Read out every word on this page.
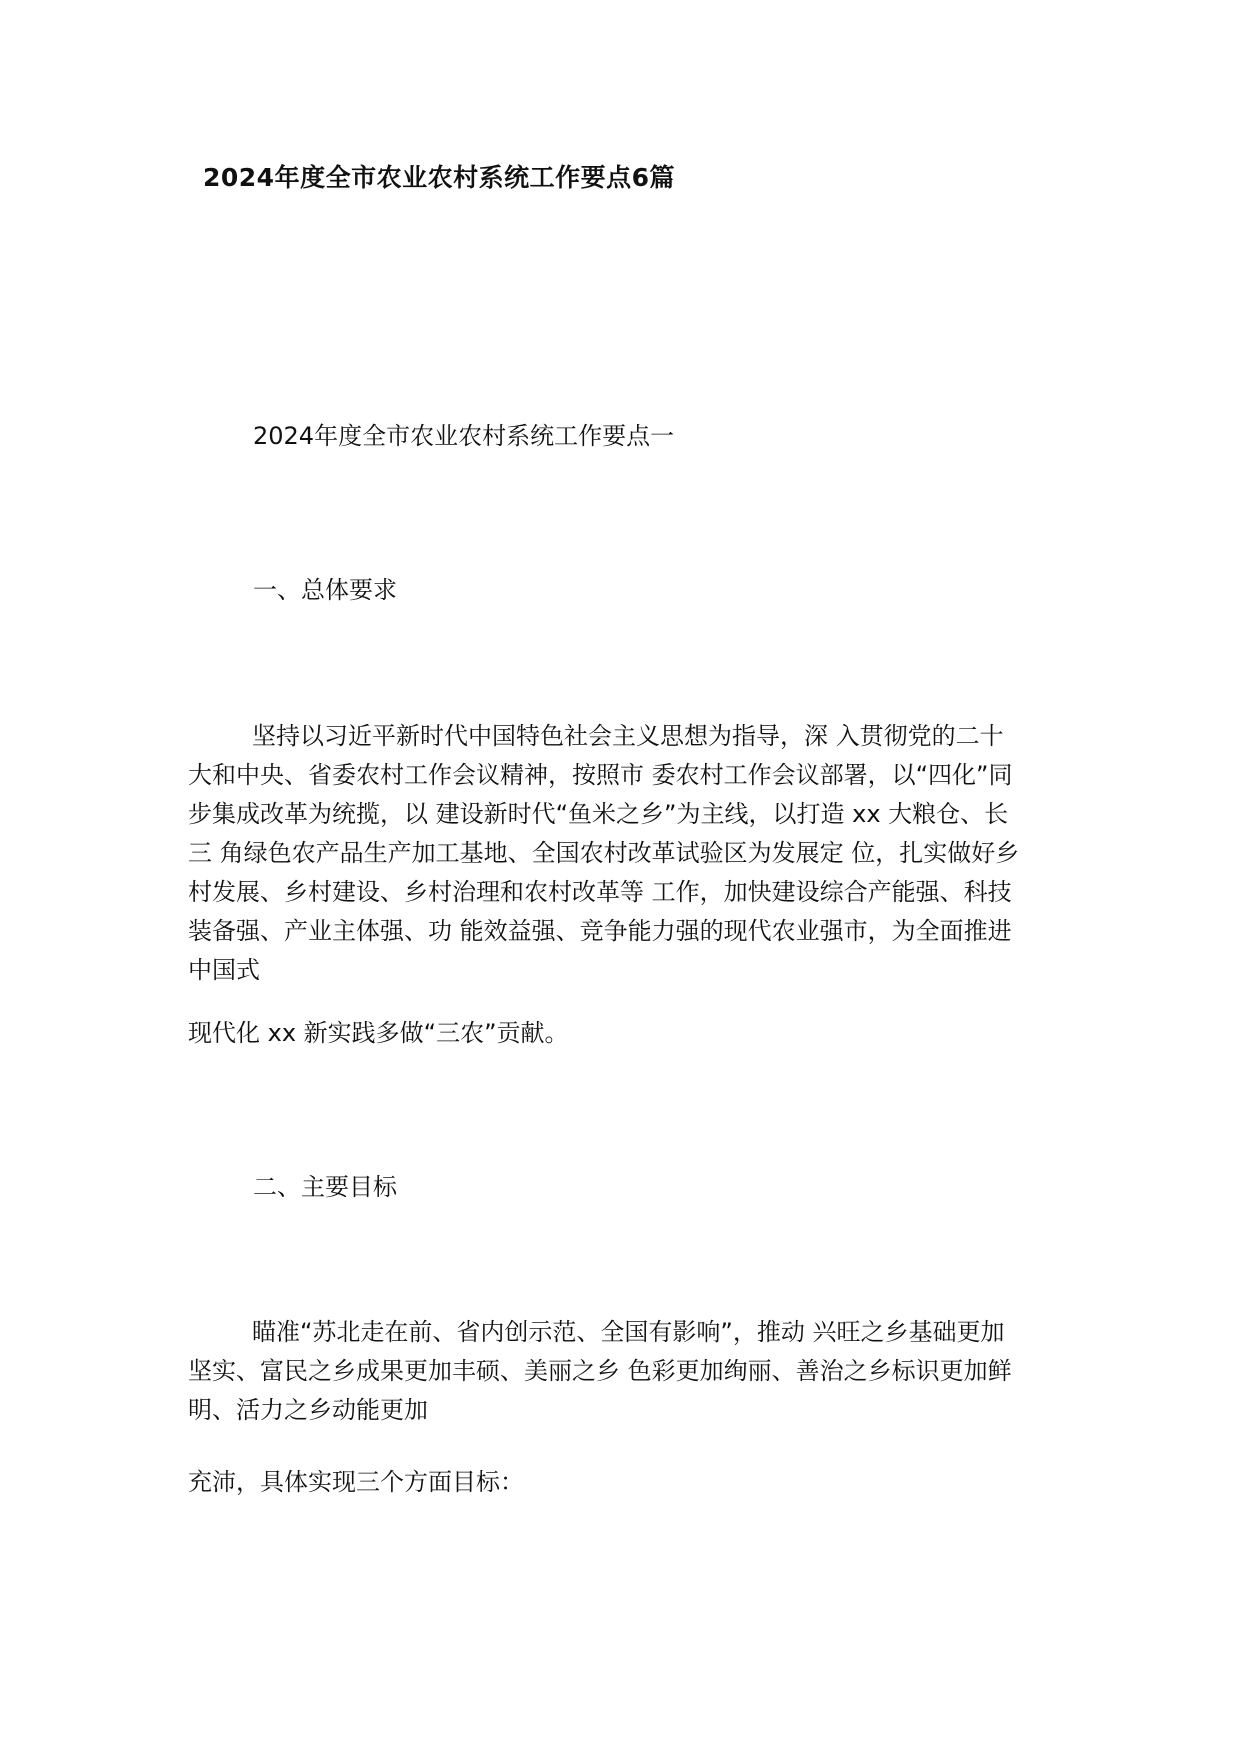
2024年度全市农业农村系统工作要点6篇

2024年度全市农业农村系统工作要点一

一、总体要求

坚持以习近平新时代中国特色社会主义思想为指导，深 入贯彻党的二十
大和中央、省委农村工作会议精神，按照市 委农村工作会议部署，以“四化”同
步集成改革为统揽，以 建设新时代“鱼米之乡”为主线，以打造 xx 大粮仓、长
三 角绿色农产品生产加工基地、全国农村改革试验区为发展定 位，扎实做好乡
村发展、乡村建设、乡村治理和农村改革等 工作，加快建设综合产能强、科技
装备强、产业主体强、功 能效益强、竞争能力强的现代农业强市，为全面推进
中国式

现代化 xx 新实践多做“三农”贡献。

二、主要目标

瞄准“苏北走在前、省内创示范、全国有影响”，推动 兴旺之乡基础更加
坚实、富民之乡成果更加丰硕、美丽之乡 色彩更加绚丽、善治之乡标识更加鲜
明、活力之乡动能更加

充沛，具体实现三个方面目标：
